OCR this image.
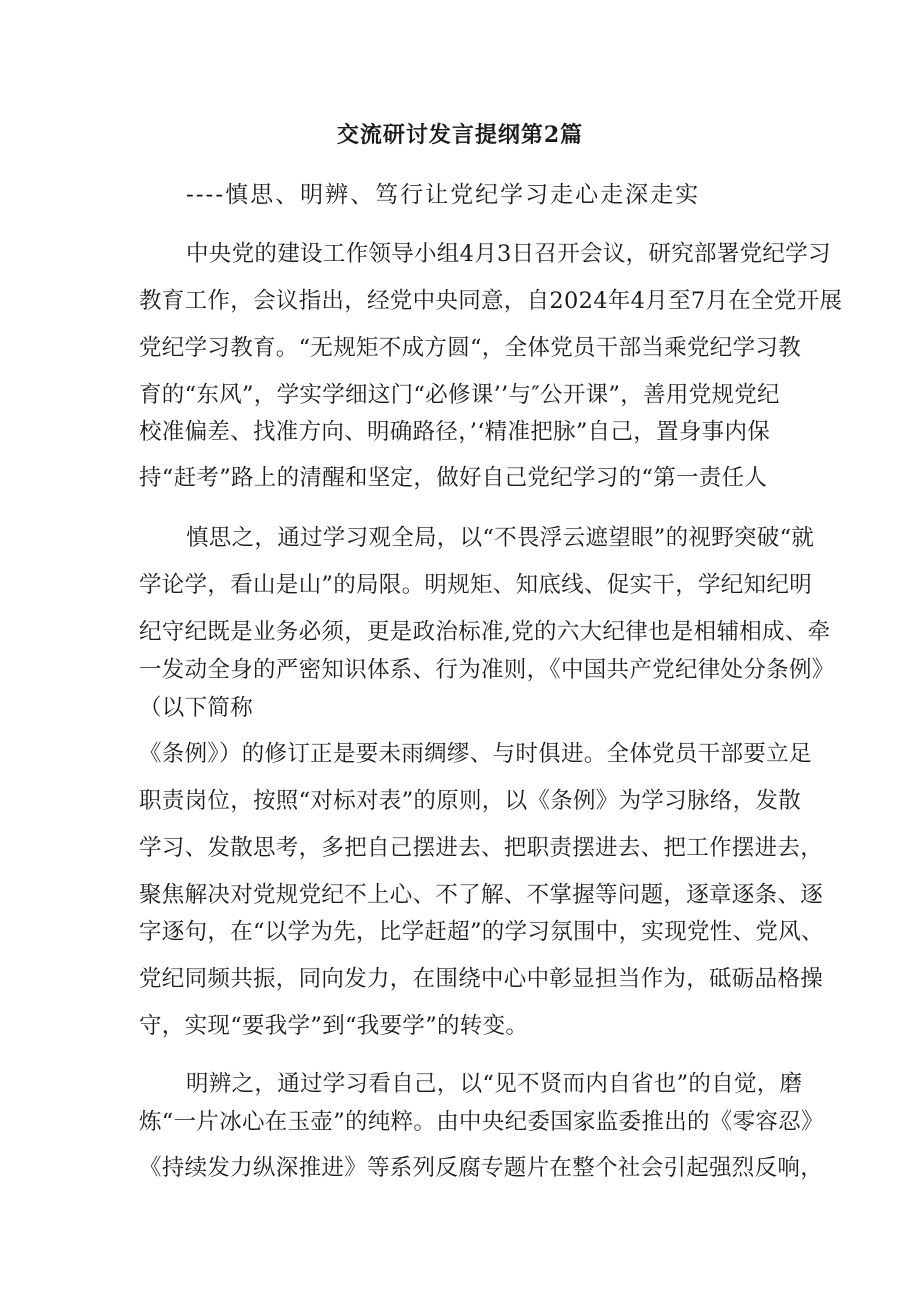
交流研讨发言提纲第2篇
----慎思、明辨、笃行让党纪学习走心走深走实
中央党的建设工作领导小组4月3日召开会议，研究部署党纪学习
教育工作，会议指出，经党中央同意，自2024年4月至7月在全党开展
党纪学习教育。“无规矩不成方圆“，全体党员干部当乘党纪学习教
育的“东风”，学实学细这门“必修课’’与″公开课”，善用党规党纪
校准偏差、找准方向、明确路径，’‘精准把脉”自己，置身事内保
持“赶考”路上的清醒和坚定，做好自己党纪学习的“第一责任人
慎思之，通过学习观全局，以“不畏浮云遮望眼”的视野突破“就
学论学，看山是山”的局限。明规矩、知底线、促实干，学纪知纪明
纪守纪既是业务必须，更是政治标准,党的六大纪律也是相辅相成、牵
一发动全身的严密知识体系、行为准则，《中国共产党纪律处分条例》
（以下简称
《条例》）的修订正是要未雨绸缪、与时俱进。全体党员干部要立足
职责岗位，按照“对标对表”的原则，以《条例》为学习脉络，发散
学习、发散思考，多把自己摆进去、把职责摆进去、把工作摆进去，
聚焦解决对党规党纪不上心、不了解、不掌握等问题，逐章逐条、逐
字逐句，在“以学为先，比学赶超”的学习氛围中，实现党性、党风、
党纪同频共振，同向发力，在围绕中心中彰显担当作为，砥砺品格操
守，实现“要我学”到“我要学”的转变。
明辨之，通过学习看自己，以“见不贤而内自省也”的自觉，磨
炼“一片冰心在玉壶”的纯粹。由中央纪委国家监委推出的《零容忍》
《持续发力纵深推进》等系列反腐专题片在整个社会引起强烈反响，
